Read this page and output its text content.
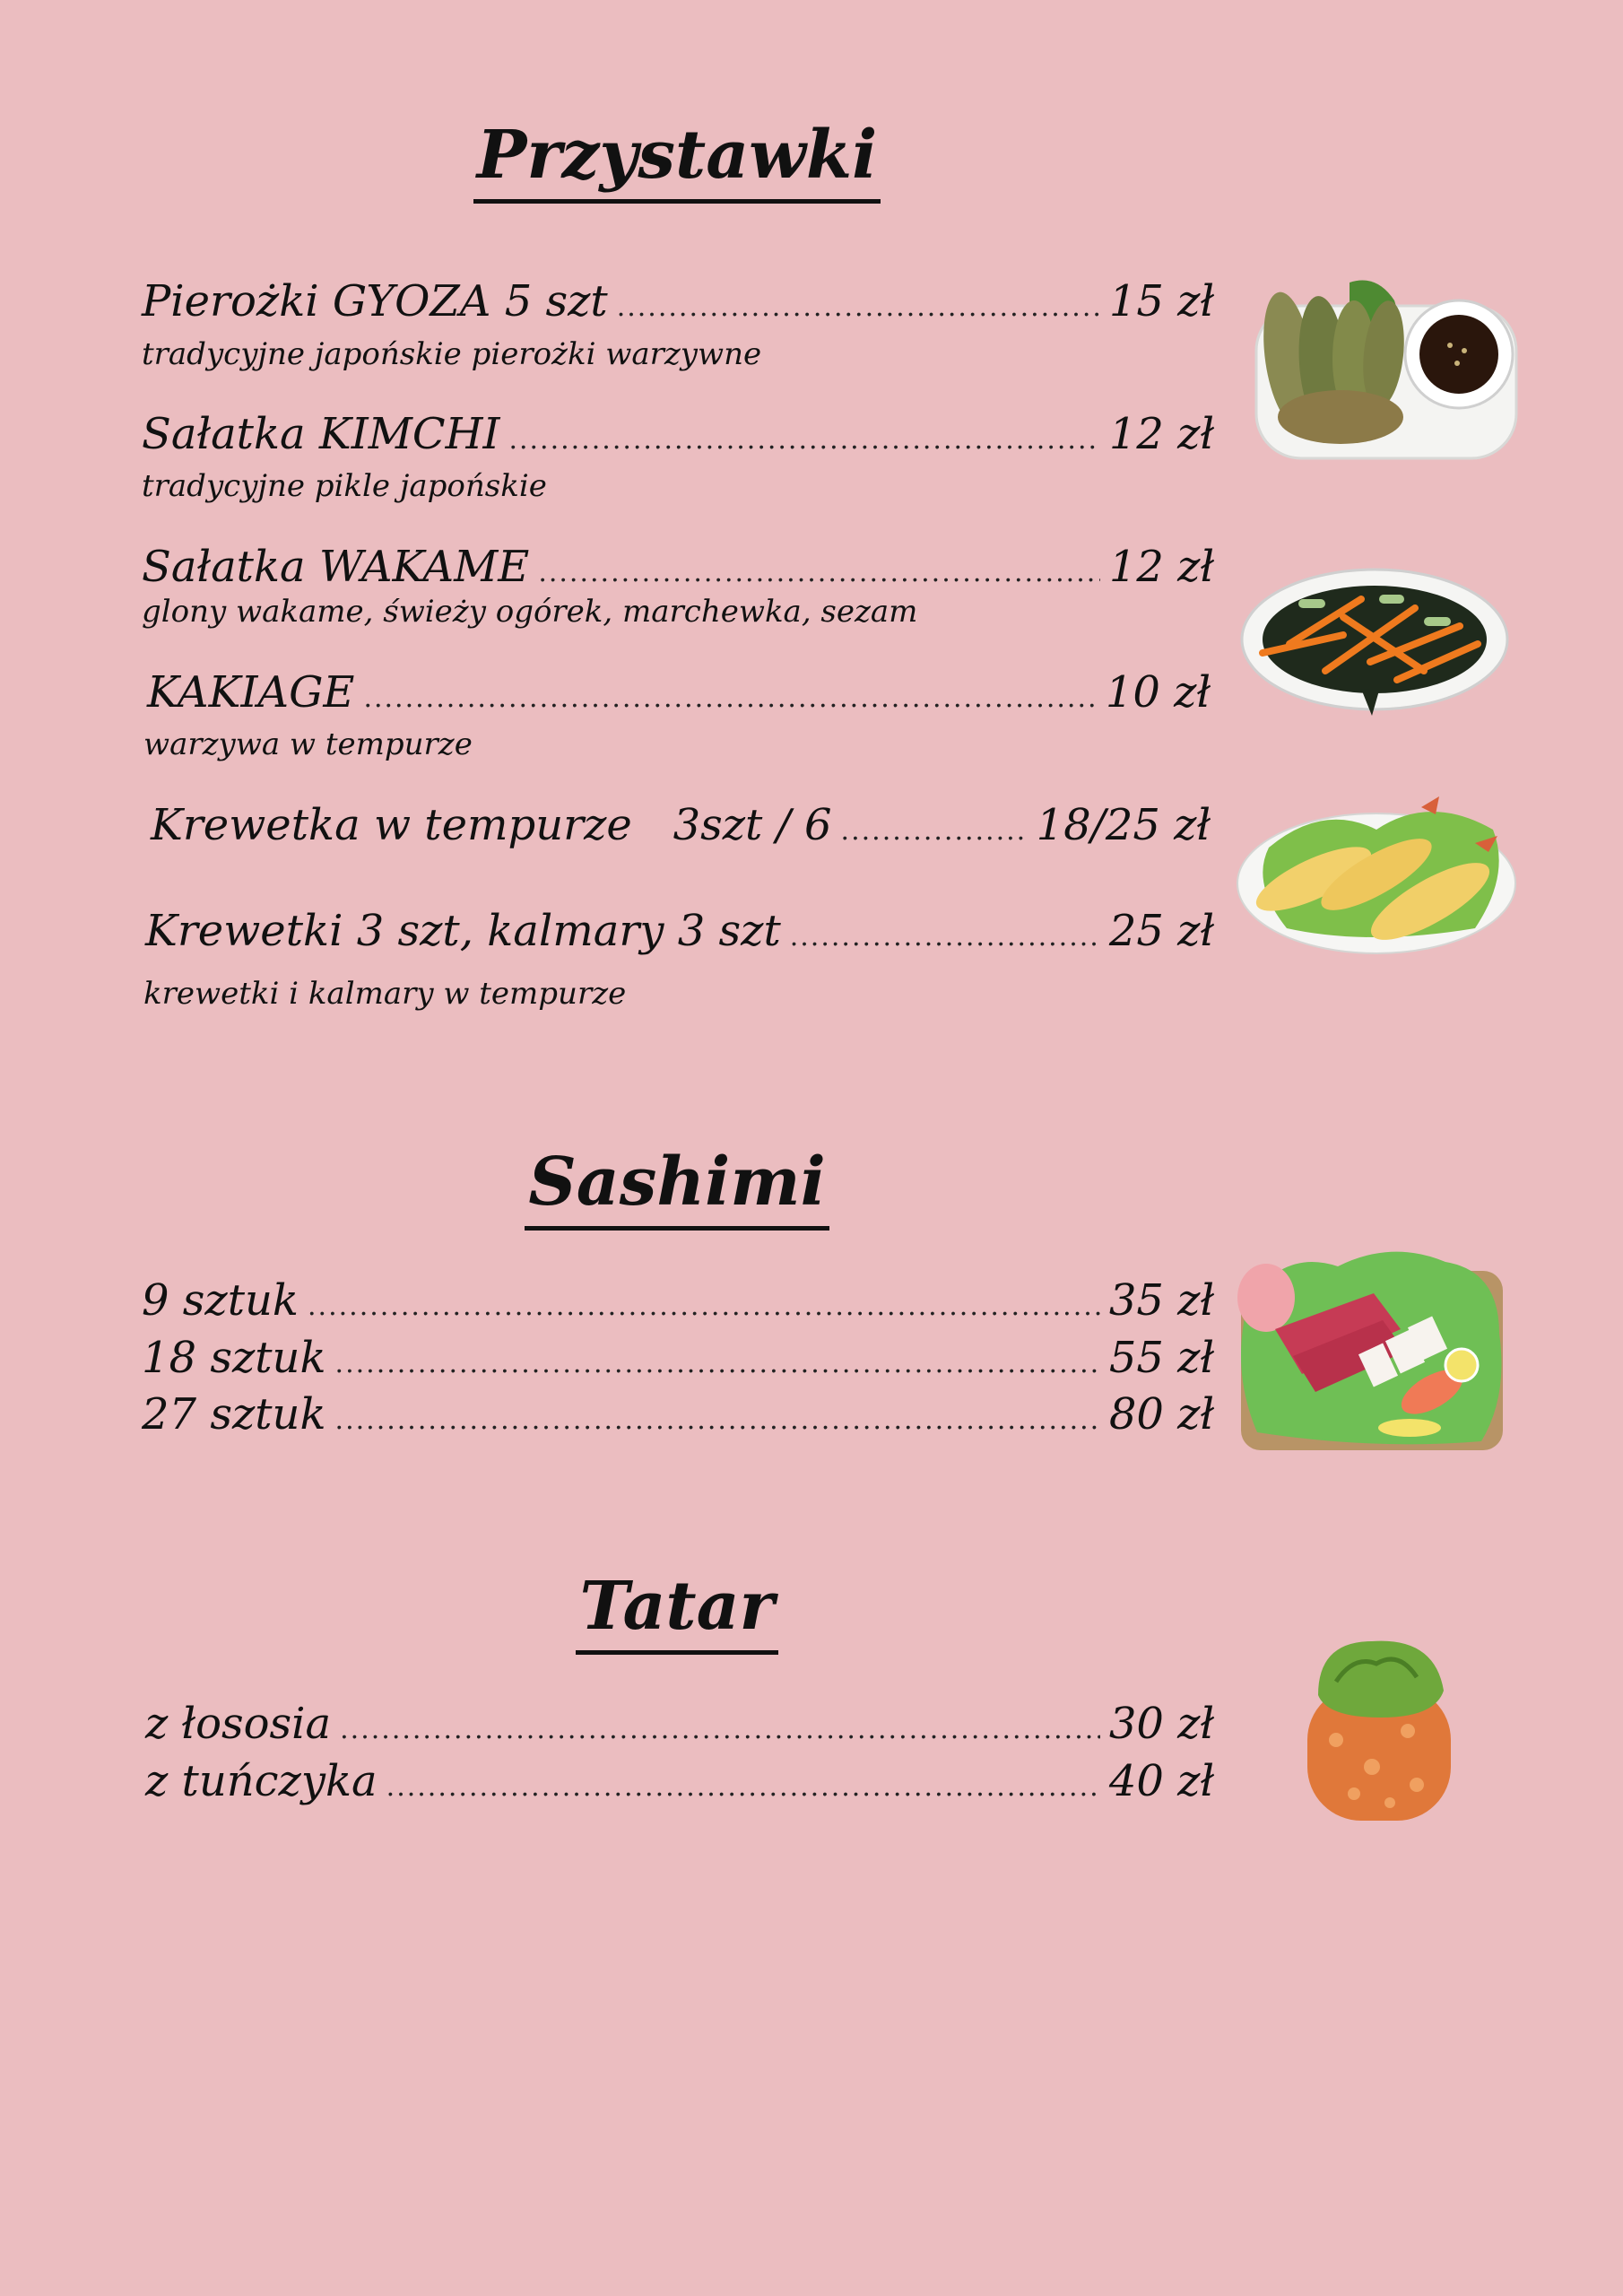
Przystawki
Pierożki GYOZA 5 szt .....	15 zł
tradycyjne japońskie pierożki warzywne
Sałatka KIMCHI .....	12 zł
tradycyjne pikle japońskie
Sałatka WAKAME .....	12 zł
glony wakame, świeży ogórek, marchewka, sezam
KAKIAGE .....	10 zł
warzywa w tempurze
Krewetka w tempurze   3szt / 6 .....	18/25 zł
Krewetki 3 szt, kalmary 3 szt .....	25 zł
krewetki i kalmary w tempurze
Sashimi
9 sztuk .....	35 zł
18 sztuk .....	55 zł
27 sztuk .....	80 zł
Tatar
z łososia .....	30 zł
z tuńczyka .....	40 zł
